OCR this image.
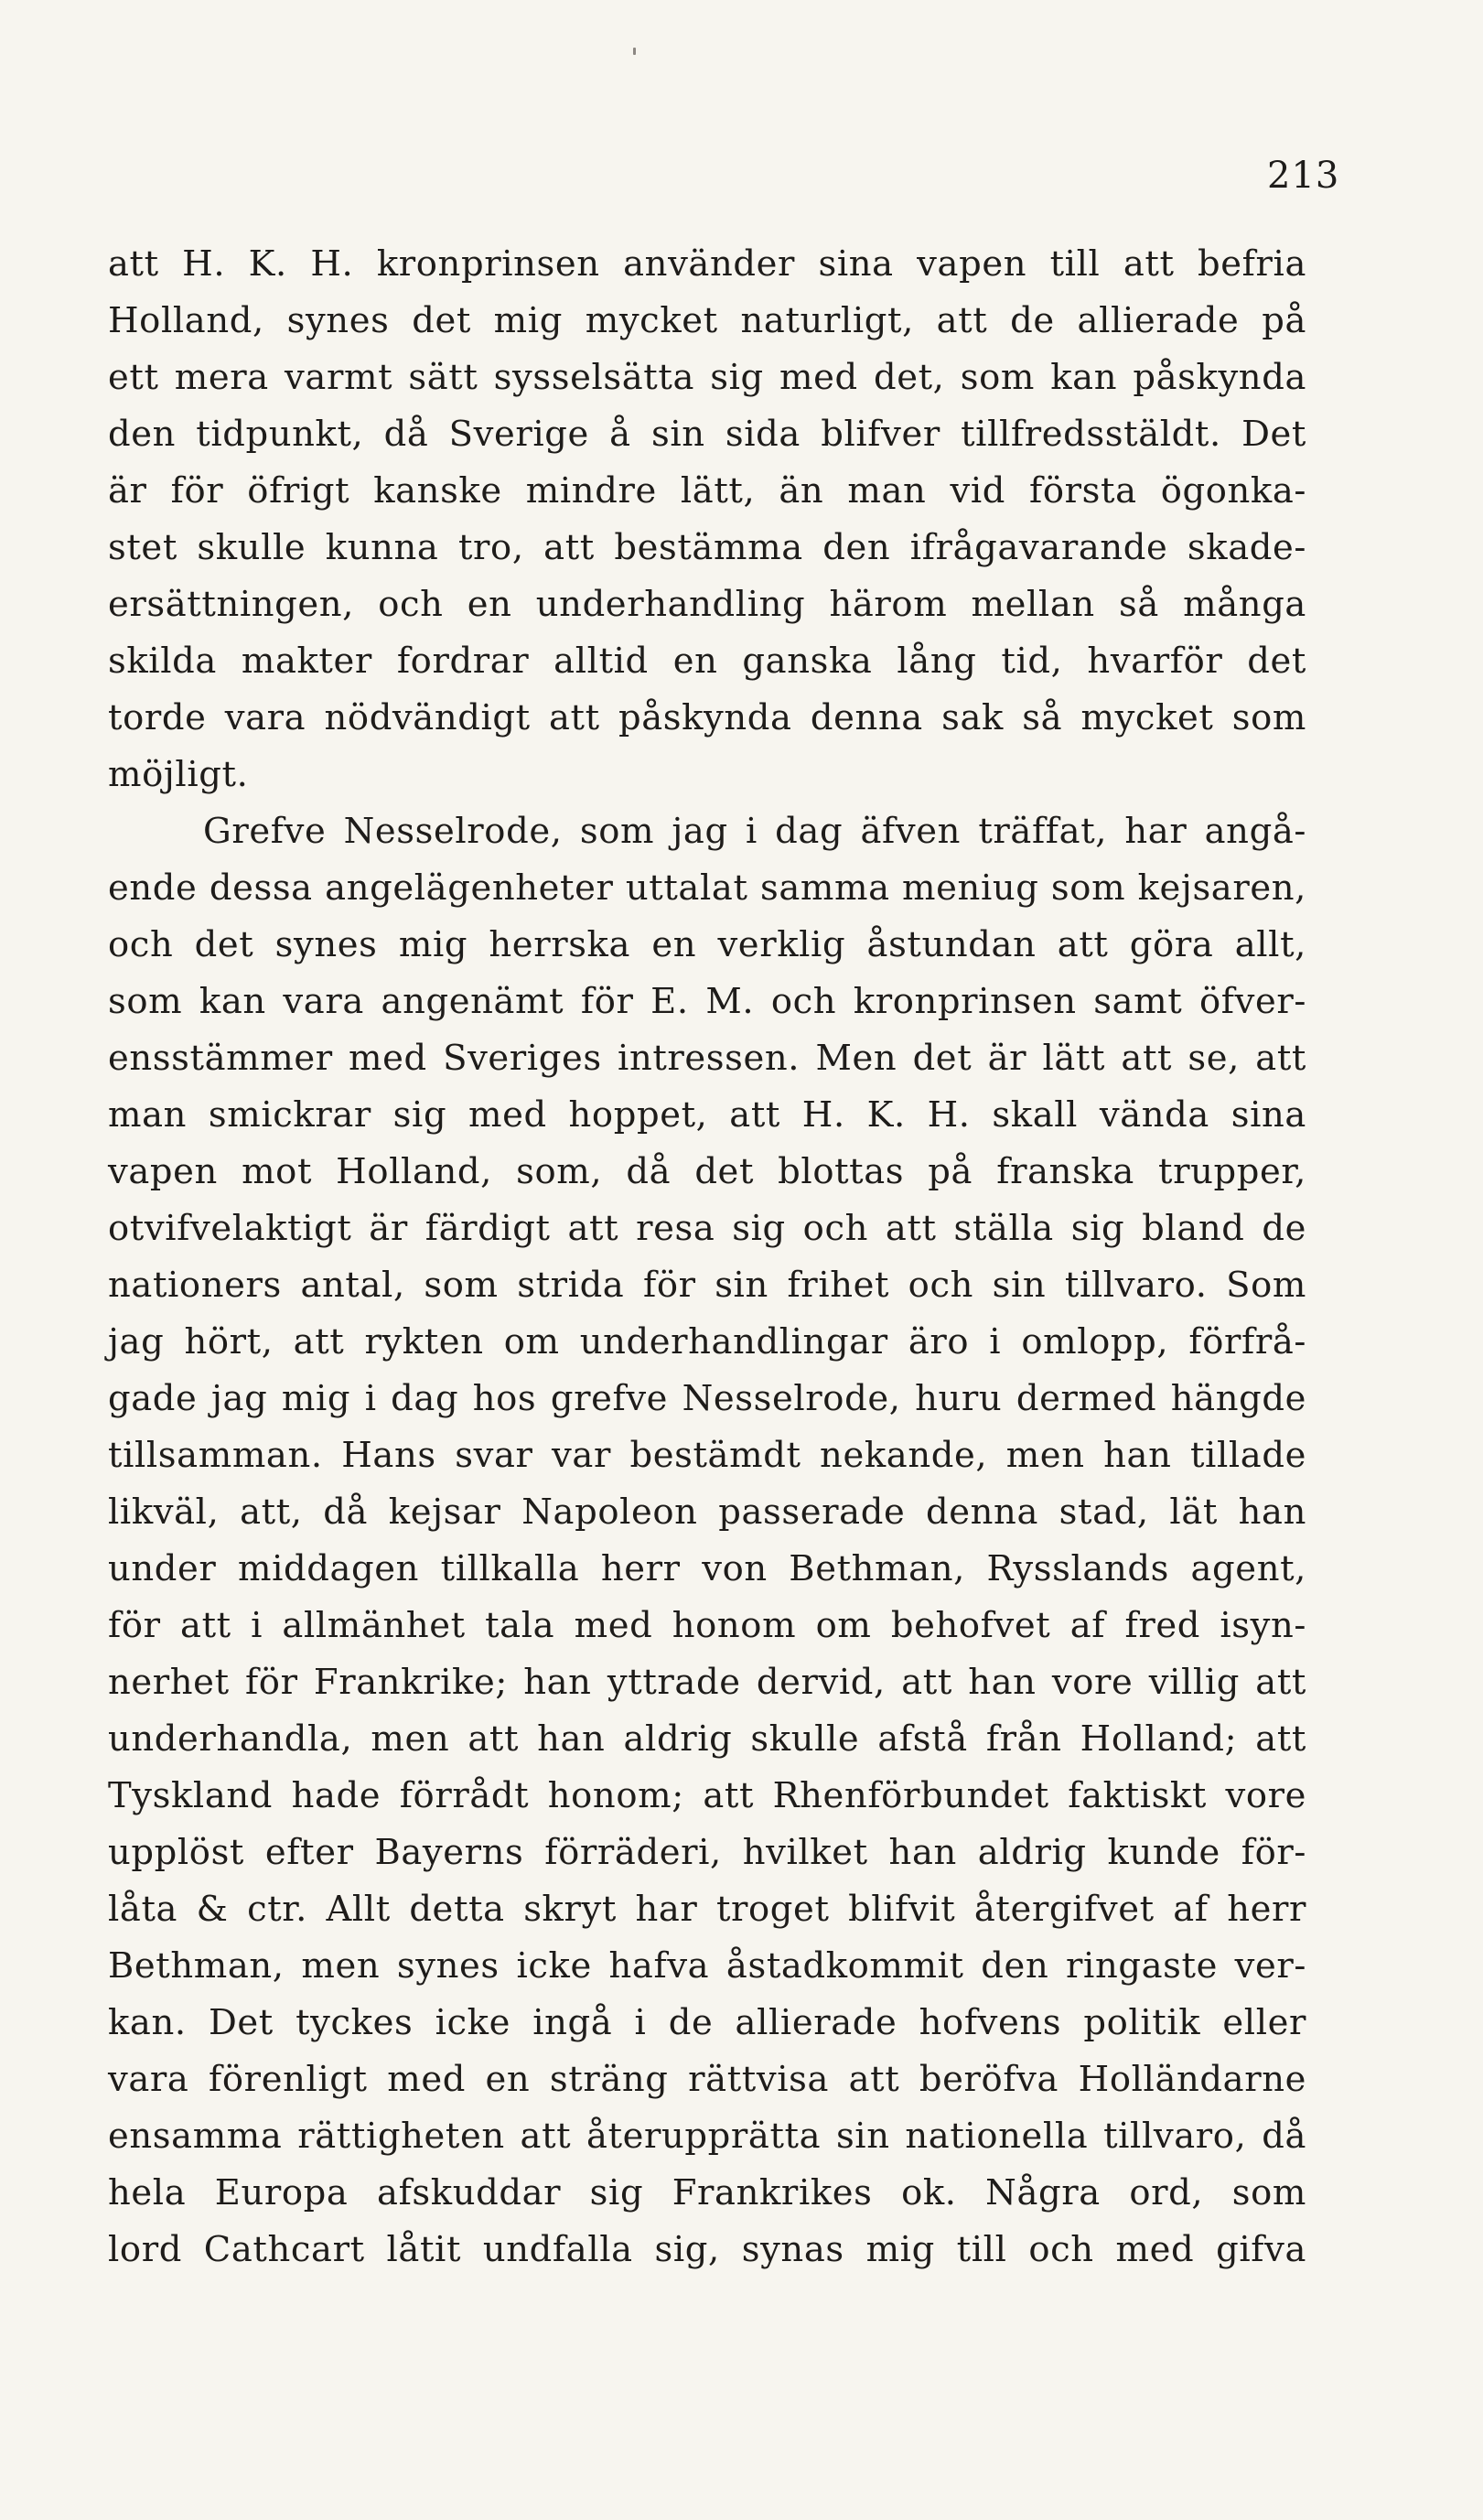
213
att H. K. H. kronprinsen använder sina vapen till att befria
Holland, synes det mig mycket naturligt, att de allierade på
ett mera varmt sätt sysselsätta sig med det, som kan påskynda
den tidpunkt, då Sverige å sin sida blifver tillfredsstäldt. Det
är för öfrigt kanske mindre lätt, än man vid första ögonka-
stet skulle kunna tro, att bestämma den ifrågavarande skade-
ersättningen, och en underhandling härom mellan så många
skilda makter fordrar alltid en ganska lång tid, hvarför det
torde vara nödvändigt att påskynda denna sak så mycket som
möjligt.
Grefve Nesselrode, som jag i dag äfven träffat, har angå-
ende dessa angelägenheter uttalat samma meniug som kejsaren,
och det synes mig herrska en verklig åstundan att göra allt,
som kan vara angenämt för E. M. och kronprinsen samt öfver-
ensstämmer med Sveriges intressen. Men det är lätt att se, att
man smickrar sig med hoppet, att H. K. H. skall vända sina
vapen mot Holland, som, då det blottas på franska trupper,
otvifvelaktigt är färdigt att resa sig och att ställa sig bland de
nationers antal, som strida för sin frihet och sin tillvaro. Som
jag hört, att rykten om underhandlingar äro i omlopp, förfrå-
gade jag mig i dag hos grefve Nesselrode, huru dermed hängde
tillsamman. Hans svar var bestämdt nekande, men han tillade
likväl, att, då kejsar Napoleon passerade denna stad, lät han
under middagen tillkalla herr von Bethman, Rysslands agent,
för att i allmänhet tala med honom om behofvet af fred isyn-
nerhet för Frankrike; han yttrade dervid, att han vore villig att
underhandla, men att han aldrig skulle afstå från Holland; att
Tyskland hade förrådt honom; att Rhenförbundet faktiskt vore
upplöst efter Bayerns förräderi, hvilket han aldrig kunde för-
låta & ctr. Allt detta skryt har troget blifvit återgifvet af herr
Bethman, men synes icke hafva åstadkommit den ringaste ver-
kan. Det tyckes icke ingå i de allierade hofvens politik eller
vara förenligt med en sträng rättvisa att beröfva Holländarne
ensamma rättigheten att återupprätta sin nationella tillvaro, då
hela Europa afskuddar sig Frankrikes ok. Några ord, som
lord Cathcart låtit undfalla sig, synas mig till och med gifva
